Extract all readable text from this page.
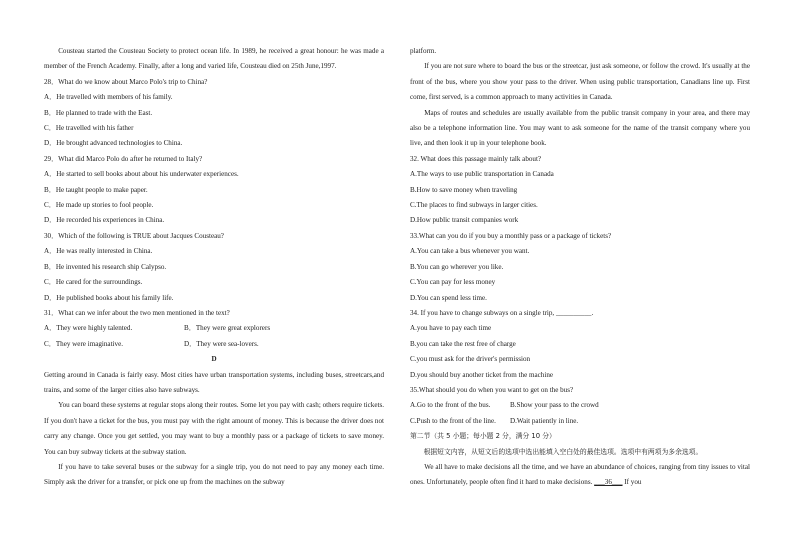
Cousteau started the Cousteau Society to protect ocean life. In 1989, he received a great honour: he was made a member of the French Academy. Finally, after a long and varied life, Cousteau died on 25th June,1997.

28．What do we know about Marco Polo's trip to China?
A．He travelled with members of his family.
B．He planned to trade with the East.
C．He travelled with his father
D．He brought advanced technologies to China.
29．What did Marco Polo do after he returned to Italy?
A．He started to sell books about about his underwater experiences.
B．He taught people to make paper.
C．He made up stories to fool people.
D．He recorded his experiences in China.
30．Which of the following is TRUE about Jacques Cousteau?
A．He was really interested in China.
B．He invented his research ship Calypso.
C．He cared for the surroundings.
D．He published books about his family life.
31．What can we infer about the two men mentioned in the text?
A．They were highly talented.	B．They were great explorers
C．They were imaginative.	D．They were sea-lovers.
D

Getting around in Canada is fairly easy. Most cities have urban transportation systems, including buses, streetcars,and trains, and some of the larger cities also have subways.

You can board these systems at regular stops along their routes. Some let you pay with cash; others require tickets. If you don't have a ticket for the bus, you must pay with the right amount of money. This is because the driver does not carry any change. Once you get settled, you may want to buy a monthly pass or a package of tickets to save money. You can buy subway tickets at the subway station.

If you have to take several buses or the subway for a single trip, you do not need to pay any money each time. Simply ask the driver for a transfer, or pick one up from the machines on the subway

platform.

If you are not sure where to board the bus or the streetcar, just ask someone, or follow the crowd. It's usually at the front of the bus, where you show your pass to the driver. When using public transportation, Canadians line up. First come, first served, is a common approach to many activities in Canada.

Maps of routes and schedules are usually available from the public transit company in your area, and there may also be a telephone information line. You may want to ask someone for the name of the transit company where you live, and then look it up in your telephone book.

32. What does this passage mainly talk about?
A.The ways to use public transportation in Canada
B.How to save money when traveling
C.The places to find subways in larger cities.
D.How public transit companies work
33.What can you do if you buy a monthly pass or a package of tickets?
A.You can take a bus whenever you want.
B.You can go wherever you like.
C.You can pay for less money
D.You can spend less time.
34. If you have to change subways on a single trip, __________.
A.you have to pay each time
B.you can take the rest free of charge
C.you must ask for the driver's permission
D.you should buy another ticket from the machine
35.What should you do when you want to get on the bus?
A.Go to the front of the bus.	B.Show your pass to the crowd
C.Push to the front of the line.	D.Wait patiently in line.
第二节（共 5 小题；每小题 2 分，满分 10 分）
根据短文内容，从短文后的选项中选出能填入空白处的最佳选项。选项中有两项为多余选项。

We all have to make decisions all the time, and we have an abundance of choices, ranging from tiny issues to vital ones. Unfortunately, people often find it hard to make decisions. ___36___ If you
